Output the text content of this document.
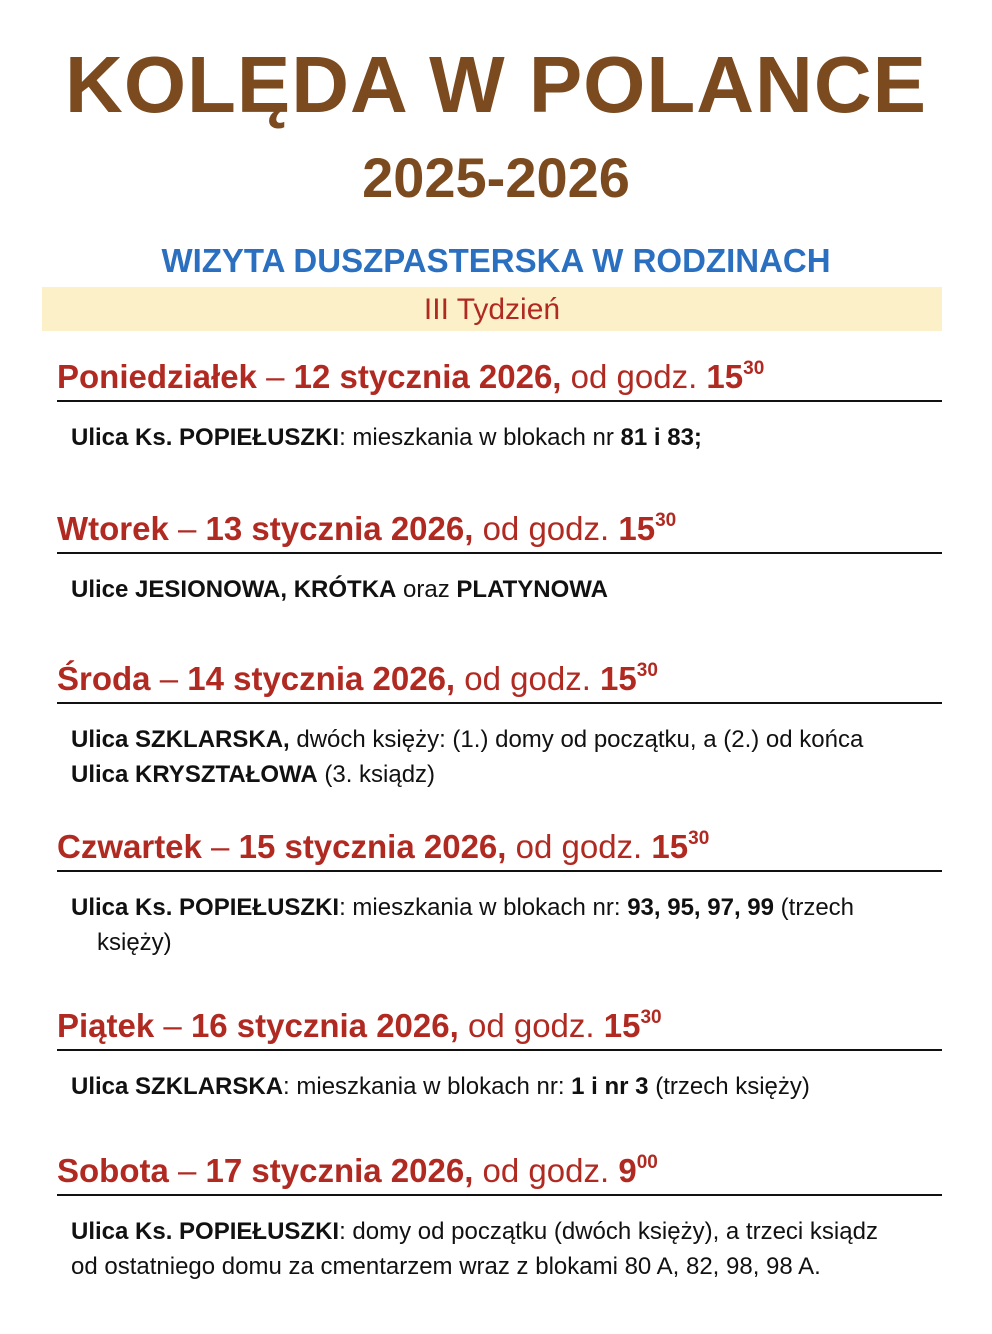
KOLĘDA W POLANCE
2025-2026
WIZYTA DUSZPASTERSKA W RODZINACH
III Tydzień
Poniedziałek – 12 stycznia 2026, od godz. $15^{30}$
Ulica Ks. POPIEŁUSZKI: mieszkania w blokach nr 81 i 83;
Wtorek – 13 stycznia 2026, od godz. $15^{30}$
Ulice JESIONOWA, KRÓTKA oraz PLATYNOWA
Środa – 14 stycznia 2026, od godz. $15^{30}$
Ulica SZKLARSKA, dwóch księży: (1.) domy od początku, a (2.) od końca
Ulica KRYSZTAŁOWA (3. ksiądz)
Czwartek – 15 stycznia 2026, od godz. $15^{30}$
Ulica Ks. POPIEŁUSZKI: mieszkania w blokach nr: 93, 95, 97, 99 (trzech
księży)
Piątek – 16 stycznia 2026, od godz. $15^{30}$
Ulica SZKLARSKA: mieszkania w blokach nr: 1 i nr 3 (trzech księży)
Sobota – 17 stycznia 2026, od godz. $9^{00}$
Ulica Ks. POPIEŁUSZKI: domy od początku (dwóch księży), a trzeci ksiądz
od ostatniego domu za cmentarzem wraz z blokami 80 A, 82, 98, 98 A.
